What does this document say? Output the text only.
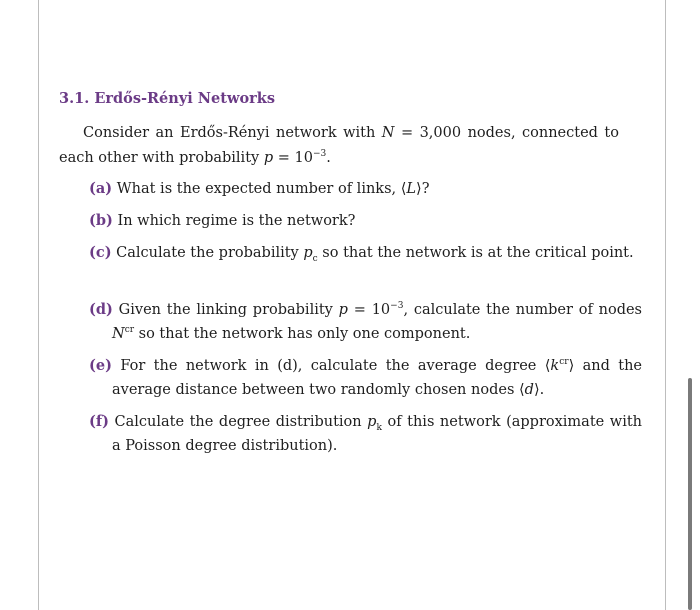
3.1. Erdős-Rényi Networks
Consider an Erdős-Rényi network with N = 3,000 nodes, connected to each other with probability $p = 10^{-3}$.
(a) What is the expected number of links, ⟨L⟩?
(b) In which regime is the network?
(c) Calculate the probability $p_c$ so that the network is at the critical point.
(d) Given the linking probability $p = 10^{-3}$, calculate the number of nodes $N^{cr}$ so that the network has only one component.
(e) For the network in (d), calculate the average degree $⟨k^{cr}⟩$ and the average distance between two randomly chosen nodes ⟨d⟩.
(f) Calculate the degree distribution $p_k$ of this network (approximate with a Poisson degree distribution).
